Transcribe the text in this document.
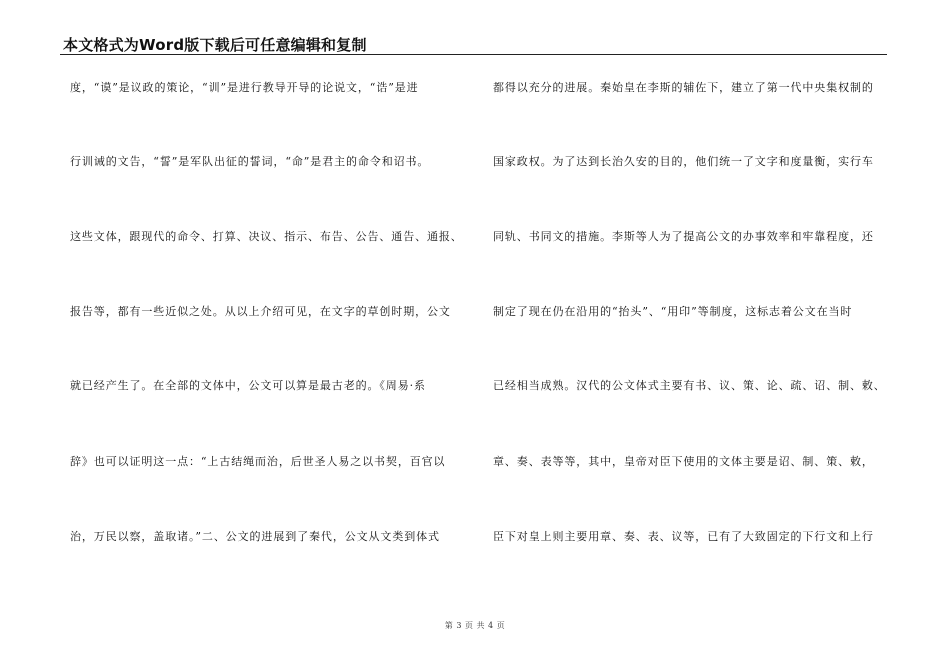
本文格式为Word版下载后可任意编辑和复制
度，“谟”是议政的策论，“训”是进行教导开导的论说文，“诰”是进
行训诫的文告，“誓”是军队出征的誓词，“命”是君主的命令和诏书。
这些文体，跟现代的命令、打算、决议、指示、布告、公告、通告、通报、
报告等，都有一些近似之处。从以上介绍可见，在文字的草创时期，公文
就已经产生了。在全部的文体中，公文可以算是最古老的。《周易·系
辞》也可以证明这一点：“上古结绳而治，后世圣人易之以书契，百官以
治，万民以察，盖取诸。”二、公文的进展到了秦代，公文从文类到体式
都得以充分的进展。秦始皇在李斯的辅佐下，建立了第一代中央集权制的
国家政权。为了达到长治久安的目的，他们统一了文字和度量衡，实行车
同轨、书同文的措施。李斯等人为了提高公文的办事效率和牢靠程度，还
制定了现在仍在沿用的“抬头”、“用印”等制度，这标志着公文在当时
已经相当成熟。汉代的公文体式主要有书、议、策、论、疏、诏、制、敕、
章、奏、表等等，其中，皇帝对臣下使用的文体主要是诏、制、策、敕，
臣下对皇上则主要用章、奏、表、议等，已有了大致固定的下行文和上行
第 3 页 共 4 页
